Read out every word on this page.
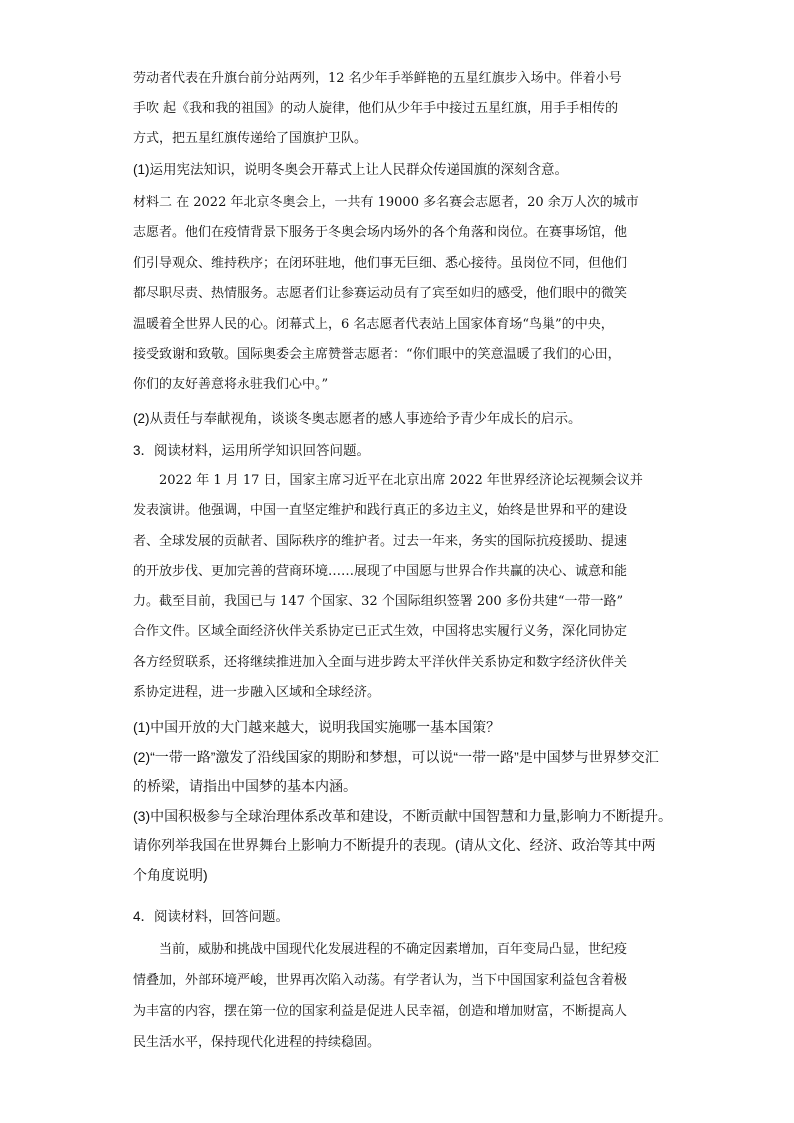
劳动者代表在升旗台前分站两列，12 名少年手举鲜艳的五星红旗步入场中。伴着小号
手吹 起《我和我的祖国》的动人旋律，他们从少年手中接过五星红旗，用手手相传的
方式，把五星红旗传递给了国旗护卫队。
(1)运用宪法知识，说明冬奥会开幕式上让人民群众传递国旗的深刻含意。
材料二 在 2022 年北京冬奥会上，一共有 19000 多名赛会志愿者，20 余万人次的城市
志愿者。他们在疫情背景下服务于冬奥会场内场外的各个角落和岗位。在赛事场馆，他
们引导观众、维持秩序；在闭环驻地，他们事无巨细、悉心接待。虽岗位不同，但他们
都尽职尽责、热情服务。志愿者们让参赛运动员有了宾至如归的感受，他们眼中的微笑
温暖着全世界人民的心。闭幕式上，6 名志愿者代表站上国家体育场“鸟巢”的中央，
接受致谢和致敬。国际奥委会主席赞誉志愿者：“你们眼中的笑意温暖了我们的心田，
你们的友好善意将永驻我们心中。”
(2)从责任与奉献视角，谈谈冬奥志愿者的感人事迹给予青少年成长的启示。
3．阅读材料，运用所学知识回答问题。
2022 年 1 月 17 日，国家主席习近平在北京出席 2022 年世界经济论坛视频会议并
发表演讲。他强调，中国一直坚定维护和践行真正的多边主义，始终是世界和平的建设
者、全球发展的贡献者、国际秩序的维护者。过去一年来，务实的国际抗疫援助、提速
的开放步伐、更加完善的营商环境……展现了中国愿与世界合作共赢的决心、诚意和能
力。截至目前，我国已与 147 个国家、32 个国际组织签署 200 多份共建“一带一路”
合作文件。区域全面经济伙伴关系协定已正式生效，中国将忠实履行义务，深化同协定
各方经贸联系，还将继续推进加入全面与进步跨太平洋伙伴关系协定和数字经济伙伴关
系协定进程，进一步融入区域和全球经济。
(1)中国开放的大门越来越大，说明我国实施哪一基本国策？
(2)“一带一路”激发了沿线国家的期盼和梦想，可以说“一带一路”是中国梦与世界梦交汇
的桥梁，请指出中国梦的基本内涵。
(3)中国积极参与全球治理体系改革和建设，不断贡献中国智慧和力量,影响力不断提升。
请你列举我国在世界舞台上影响力不断提升的表现。(请从文化、经济、政治等其中两
个角度说明)
4．阅读材料，回答问题。
当前，威胁和挑战中国现代化发展进程的不确定因素增加，百年变局凸显，世纪疫
情叠加，外部环境严峻，世界再次陷入动荡。有学者认为，当下中国国家利益包含着极
为丰富的内容，摆在第一位的国家利益是促进人民幸福，创造和增加财富，不断提高人
民生活水平，保持现代化进程的持续稳固。
